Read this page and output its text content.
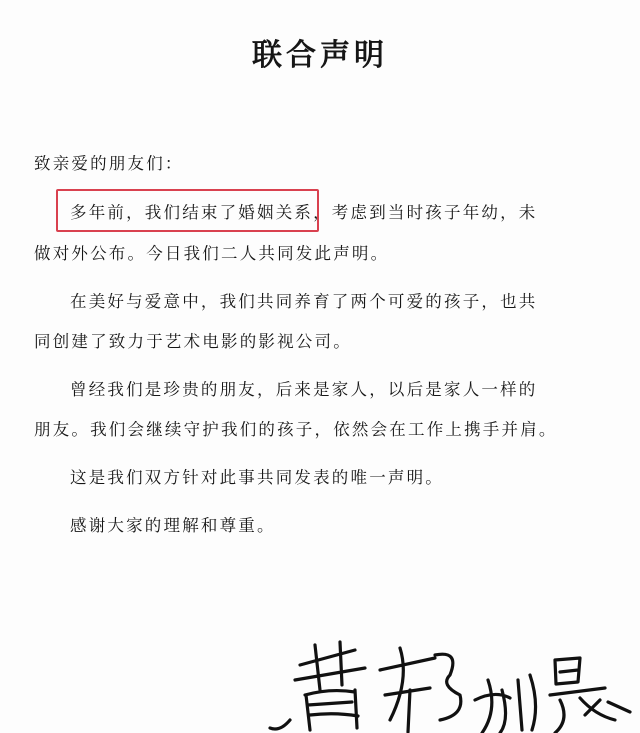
联合声明
致亲爱的朋友们：
多年前，我们结束了婚姻关系，考虑到当时孩子年幼，未
做对外公布。今日我们二人共同发此声明。
在美好与爱意中，我们共同养育了两个可爱的孩子，也共
同创建了致力于艺术电影的影视公司。
曾经我们是珍贵的朋友，后来是家人，以后是家人一样的
朋友。我们会继续守护我们的孩子，依然会在工作上携手并肩。
这是我们双方针对此事共同发表的唯一声明。
感谢大家的理解和尊重。
